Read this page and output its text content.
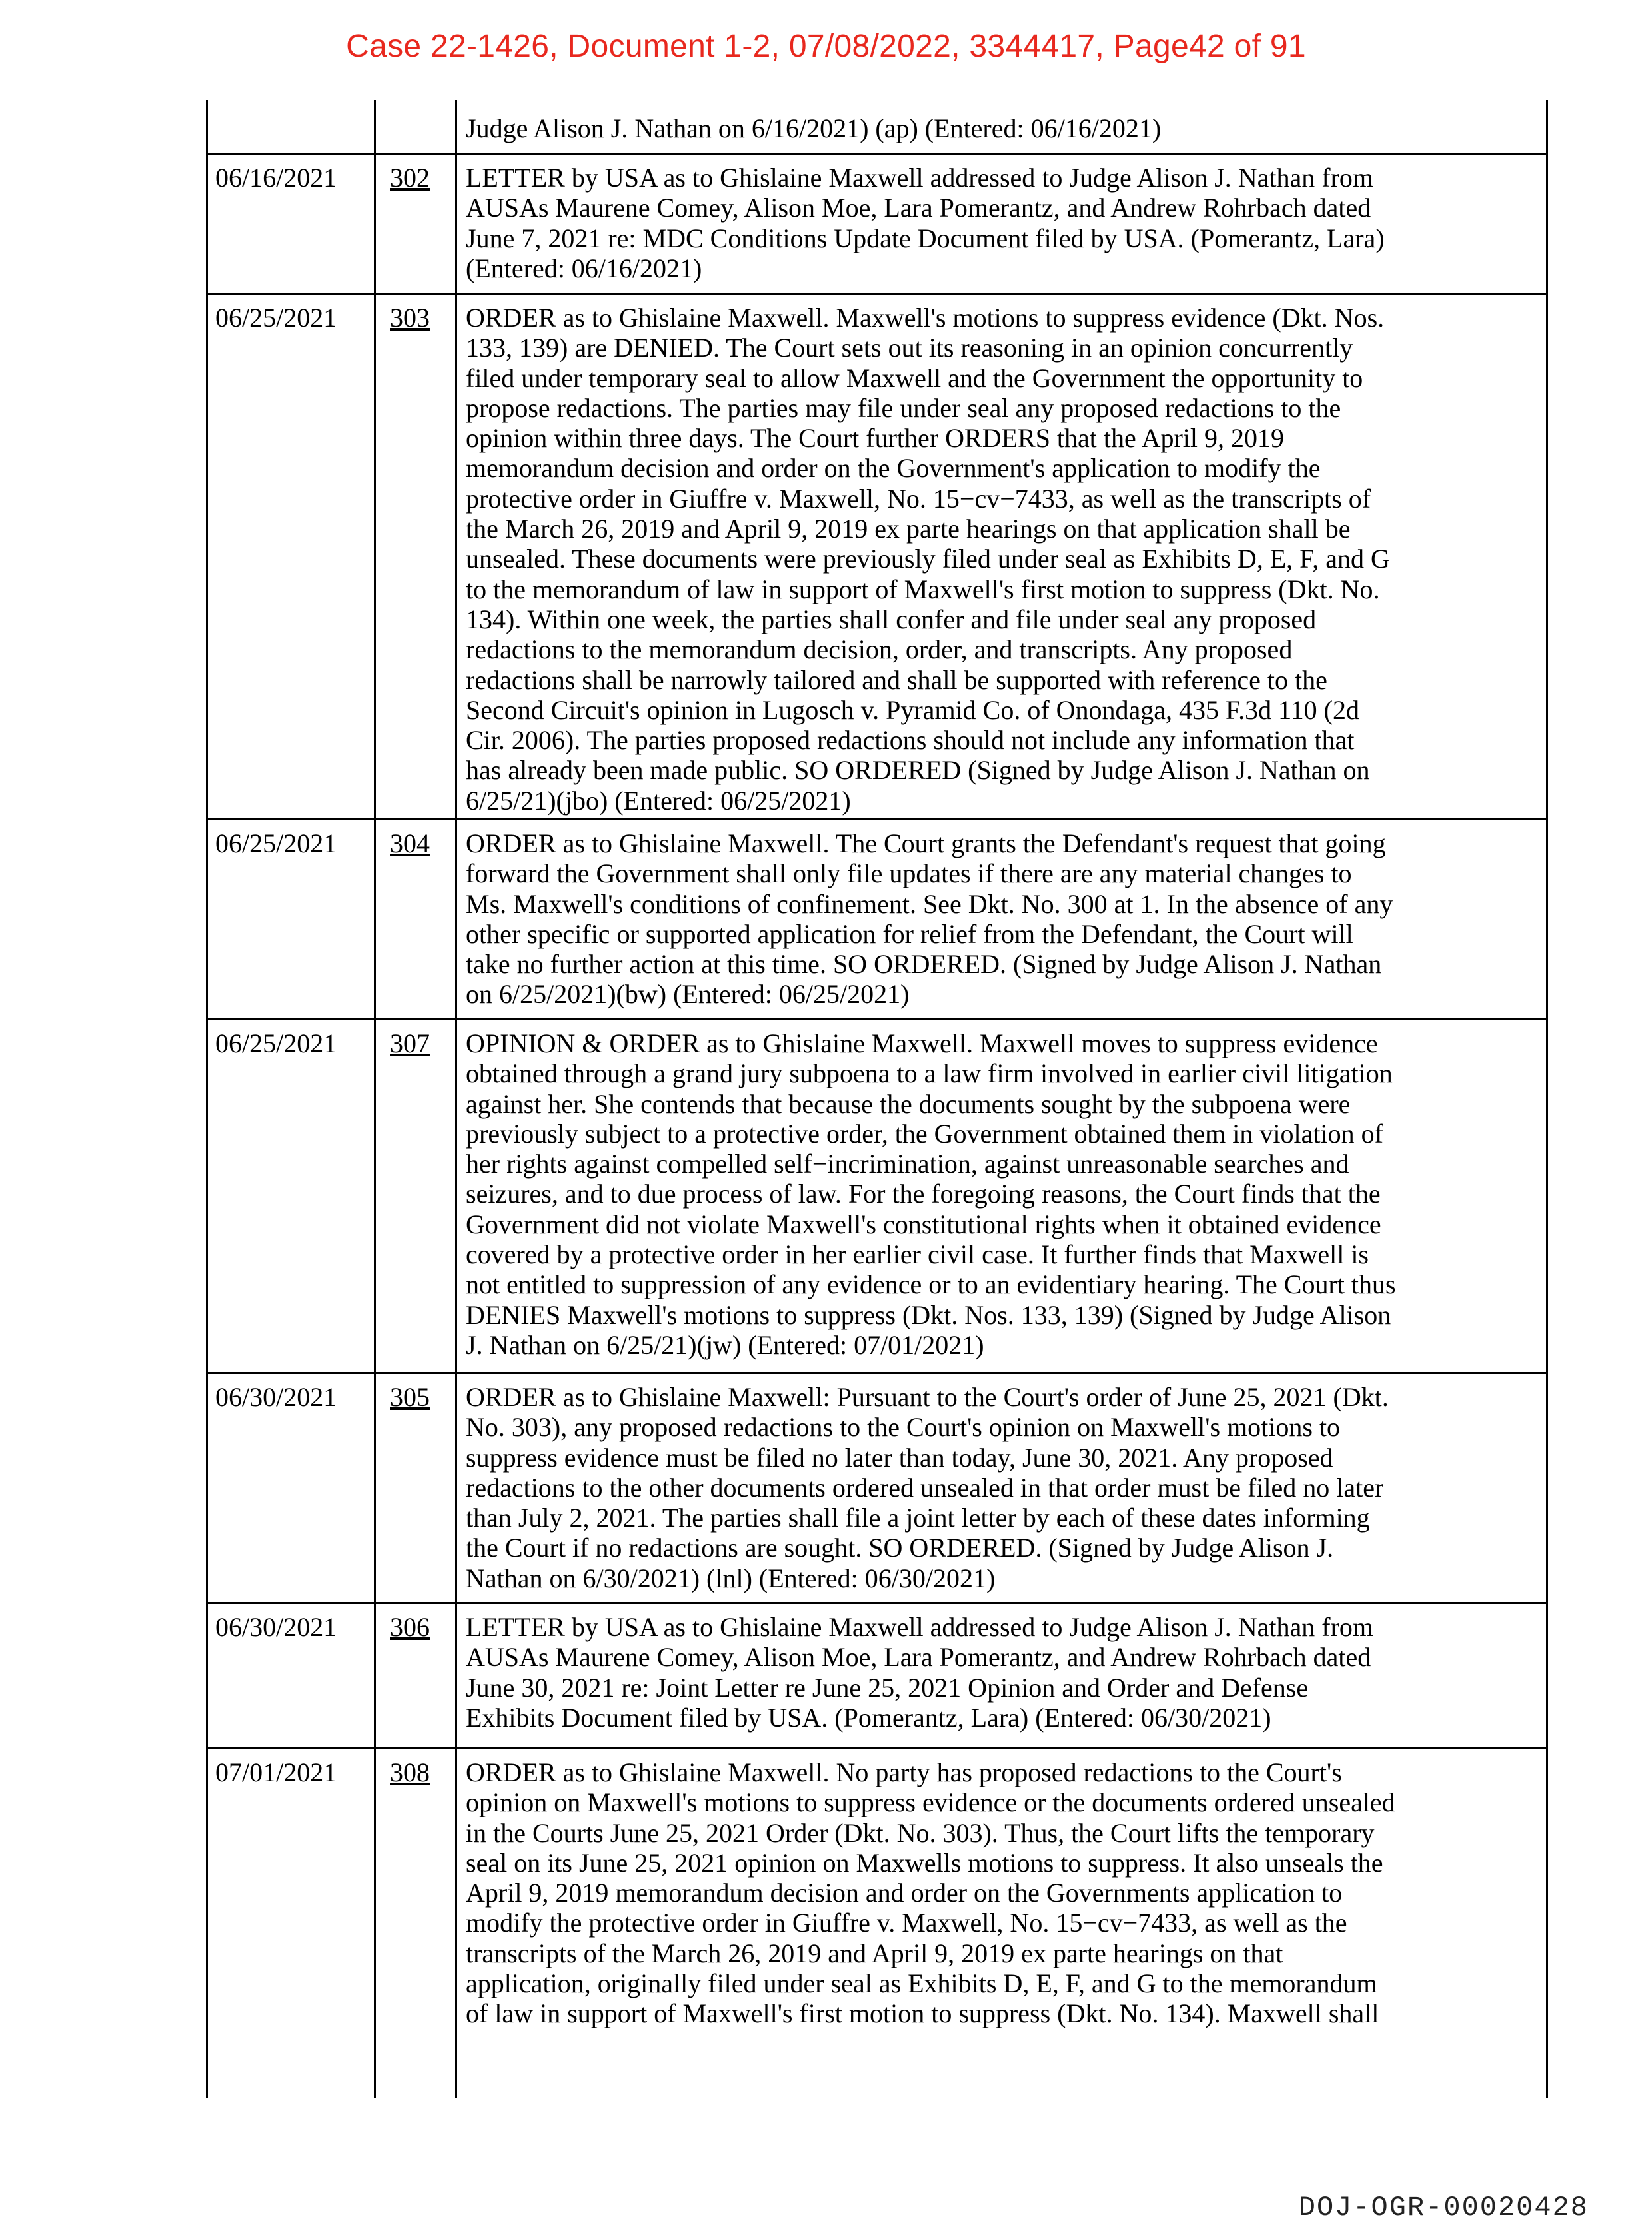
Case 22-1426, Document 1-2, 07/08/2022, 3344417, Page42 of 91
Judge Alison J. Nathan on 6/16/2021) (ap) (Entered: 06/16/2021)
06/16/2021 302 LETTER by USA as to Ghislaine Maxwell addressed to Judge Alison J. Nathan from
AUSAs Maurene Comey, Alison Moe, Lara Pomerantz, and Andrew Rohrbach dated
June 7, 2021 re: MDC Conditions Update Document filed by USA. (Pomerantz, Lara)
(Entered: 06/16/2021)
06/25/2021 303 ORDER as to Ghislaine Maxwell. Maxwell's motions to suppress evidence (Dkt. Nos.
133, 139) are DENIED. The Court sets out its reasoning in an opinion concurrently
filed under temporary seal to allow Maxwell and the Government the opportunity to
propose redactions. The parties may file under seal any proposed redactions to the
opinion within three days. The Court further ORDERS that the April 9, 2019
memorandum decision and order on the Government's application to modify the
protective order in Giuffre v. Maxwell, No. 15−cv−7433, as well as the transcripts of
the March 26, 2019 and April 9, 2019 ex parte hearings on that application shall be
unsealed. These documents were previously filed under seal as Exhibits D, E, F, and G
to the memorandum of law in support of Maxwell's first motion to suppress (Dkt. No.
134). Within one week, the parties shall confer and file under seal any proposed
redactions to the memorandum decision, order, and transcripts. Any proposed
redactions shall be narrowly tailored and shall be supported with reference to the
Second Circuit's opinion in Lugosch v. Pyramid Co. of Onondaga, 435 F.3d 110 (2d
Cir. 2006). The parties proposed redactions should not include any information that
has already been made public. SO ORDERED (Signed by Judge Alison J. Nathan on
6/25/21)(jbo) (Entered: 06/25/2021)
06/25/2021 304 ORDER as to Ghislaine Maxwell. The Court grants the Defendant's request that going
forward the Government shall only file updates if there are any material changes to
Ms. Maxwell's conditions of confinement. See Dkt. No. 300 at 1. In the absence of any
other specific or supported application for relief from the Defendant, the Court will
take no further action at this time. SO ORDERED. (Signed by Judge Alison J. Nathan
on 6/25/2021)(bw) (Entered: 06/25/2021)
06/25/2021 307 OPINION & ORDER as to Ghislaine Maxwell. Maxwell moves to suppress evidence
obtained through a grand jury subpoena to a law firm involved in earlier civil litigation
against her. She contends that because the documents sought by the subpoena were
previously subject to a protective order, the Government obtained them in violation of
her rights against compelled self−incrimination, against unreasonable searches and
seizures, and to due process of law. For the foregoing reasons, the Court finds that the
Government did not violate Maxwell's constitutional rights when it obtained evidence
covered by a protective order in her earlier civil case. It further finds that Maxwell is
not entitled to suppression of any evidence or to an evidentiary hearing. The Court thus
DENIES Maxwell's motions to suppress (Dkt. Nos. 133, 139) (Signed by Judge Alison
J. Nathan on 6/25/21)(jw) (Entered: 07/01/2021)
06/30/2021 305 ORDER as to Ghislaine Maxwell: Pursuant to the Court's order of June 25, 2021 (Dkt.
No. 303), any proposed redactions to the Court's opinion on Maxwell's motions to
suppress evidence must be filed no later than today, June 30, 2021. Any proposed
redactions to the other documents ordered unsealed in that order must be filed no later
than July 2, 2021. The parties shall file a joint letter by each of these dates informing
the Court if no redactions are sought. SO ORDERED. (Signed by Judge Alison J.
Nathan on 6/30/2021) (lnl) (Entered: 06/30/2021)
06/30/2021 306 LETTER by USA as to Ghislaine Maxwell addressed to Judge Alison J. Nathan from
AUSAs Maurene Comey, Alison Moe, Lara Pomerantz, and Andrew Rohrbach dated
June 30, 2021 re: Joint Letter re June 25, 2021 Opinion and Order and Defense
Exhibits Document filed by USA. (Pomerantz, Lara) (Entered: 06/30/2021)
07/01/2021 308 ORDER as to Ghislaine Maxwell. No party has proposed redactions to the Court's
opinion on Maxwell's motions to suppress evidence or the documents ordered unsealed
in the Courts June 25, 2021 Order (Dkt. No. 303). Thus, the Court lifts the temporary
seal on its June 25, 2021 opinion on Maxwells motions to suppress. It also unseals the
April 9, 2019 memorandum decision and order on the Governments application to
modify the protective order in Giuffre v. Maxwell, No. 15−cv−7433, as well as the
transcripts of the March 26, 2019 and April 9, 2019 ex parte hearings on that
application, originally filed under seal as Exhibits D, E, F, and G to the memorandum
of law in support of Maxwell's first motion to suppress (Dkt. No. 134). Maxwell shall
DOJ-OGR-00020428
